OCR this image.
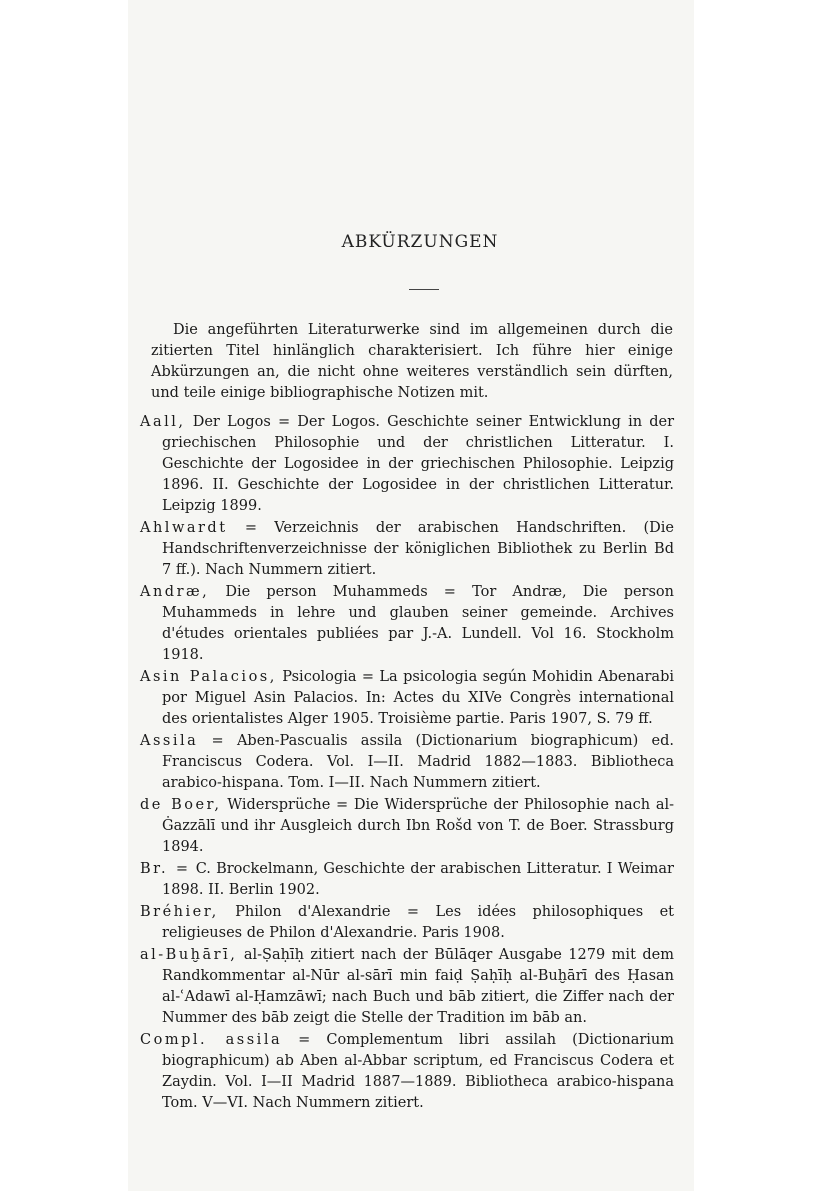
ABKÜRZUNGEN

Die angeführten Literaturwerke sind im allgemeinen durch die zitierten Titel hinlänglich charakterisiert. Ich führe hier einige Abkürzungen an, die nicht ohne weiteres verständlich sein dürften, und teile einige bibliographische Notizen mit.

Aall, Der Logos = Der Logos. Geschichte seiner Entwicklung in der griechischen Philosophie und der christlichen Litteratur. I. Geschichte der Logosidee in der griechischen Philosophie. Leipzig 1896. II. Geschichte der Logosidee in der christlichen Litteratur. Leipzig 1899.

Ahlwardt = Verzeichnis der arabischen Handschriften. (Die Handschriftenverzeichnisse der königlichen Bibliothek zu Berlin Bd 7 ff.). Nach Nummern zitiert.

Andræ, Die person Muhammeds = Tor Andræ, Die person Muhammeds in lehre und glauben seiner gemeinde. Archives d'études orientales publiées par J.-A. Lundell. Vol 16. Stockholm 1918.

Asin Palacios, Psicologia = La psicologia según Mohidin Abenarabi por Miguel Asin Palacios. In: Actes du XIVe Congrès international des orientalistes Alger 1905. Troisième partie. Paris 1907, S. 79 ff.

Assila = Aben-Pascualis assila (Dictionarium biographicum) ed. Franciscus Codera. Vol. I—II. Madrid 1882—1883. Bibliotheca arabico-hispana. Tom. I—II. Nach Nummern zitiert.

de Boer, Widersprüche = Die Widersprüche der Philosophie nach al-Ġazzālī und ihr Ausgleich durch Ibn Rošd von T. de Boer. Strassburg 1894.

Br. = C. Brockelmann, Geschichte der arabischen Litteratur. I Weimar 1898. II. Berlin 1902.

Bréhier, Philon d'Alexandrie = Les idées philosophiques et religieuses de Philon d'Alexandrie. Paris 1908.

al-Buḫārī, al-Ṣaḥīḥ zitiert nach der Būlāqer Ausgabe 1279 mit dem Randkommentar al-Nūr al-sārī min faiḍ Ṣaḥīḥ al-Buḫārī des Ḥasan al-ʿAdawī al-Ḥamzāwī; nach Buch und bāb zitiert, die Ziffer nach der Nummer des bāb zeigt die Stelle der Tradition im bāb an.

Compl. assila = Complementum libri assilah (Dictionarium biographicum) ab Aben al-Abbar scriptum, ed Franciscus Codera et Zaydin. Vol. I—II Madrid 1887—1889. Bibliotheca arabico-hispana Tom. V—VI. Nach Nummern zitiert.
